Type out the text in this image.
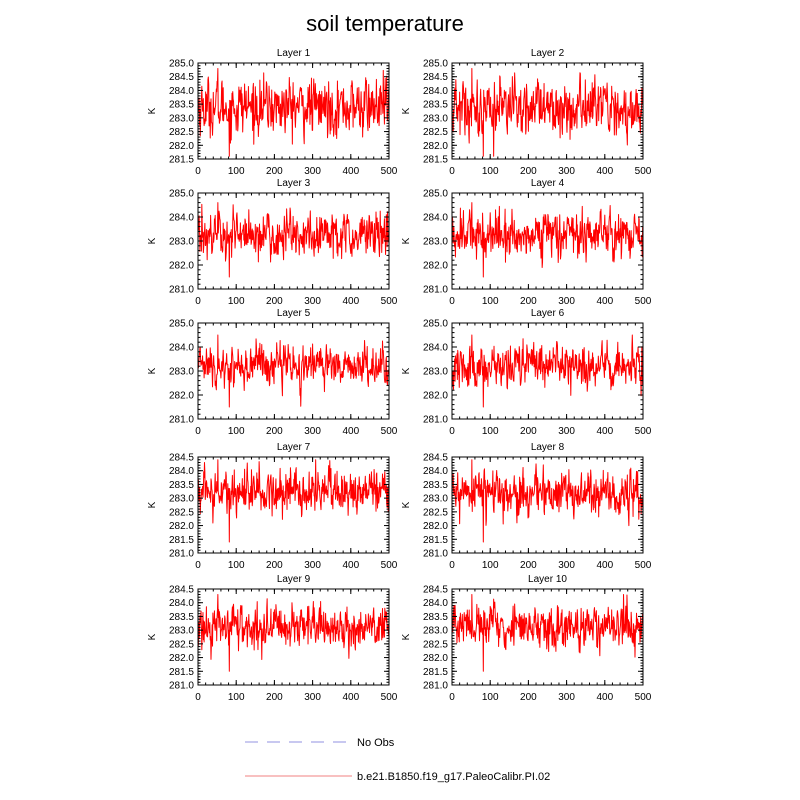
soil temperature
Layer 1
K
0	100 200 300 400 500
281.5
282.0
282.5
283.0
283.5
284.0
284.5
285.0
Layer 2
K
0	100 200 300 400 500
281.5
282.0
282.5
283.0
283.5
284.0
284.5
285.0
Layer 3
K
0	100 200 300 400 500
281.0
282.0
283.0
284.0
285.0
Layer 4
K
0	100 200 300 400 500
281.0
282.0
283.0
284.0
285.0
Layer 5
K
0	100 200 300 400 500
281.0
282.0
283.0
284.0
285.0
Layer 6
K
0	100 200 300 400 500
281.0
282.0
283.0
284.0
285.0
Layer 7
K
0	100 200 300 400 500
281.0
281.5
282.0
282.5
283.0
283.5
284.0
284.5
Layer 8
K
0	100 200 300 400 500
281.0
281.5
282.0
282.5
283.0
283.5
284.0
284.5
Layer 9
K
0	100 200 300 400 500
281.0
281.5
282.0
282.5
283.0
283.5
284.0
284.5
Layer 10
K
0	100 200 300 400 500
281.0
281.5
282.0
282.5
283.0
283.5
284.0
284.5
No Obs
b.e21.B1850.f19_g17.PaleoCalibr.PI.02
